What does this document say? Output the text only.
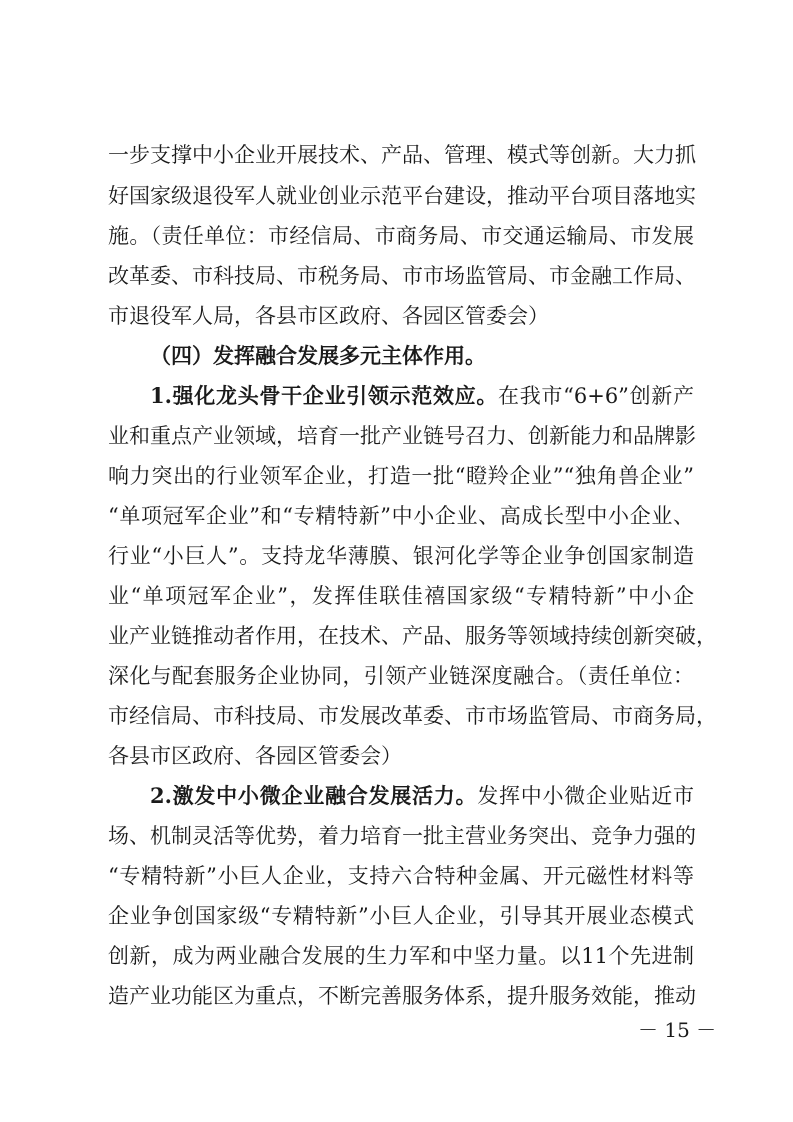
一步支撑中小企业开展技术、产品、管理、模式等创新。大力抓
好国家级退役军人就业创业示范平台建设，推动平台项目落地实
施。（责任单位：市经信局、市商务局、市交通运输局、市发展
改革委、市科技局、市税务局、市市场监管局、市金融工作局、
市退役军人局，各县市区政府、各园区管委会）
（四）发挥融合发展多元主体作用。
1.强化龙头骨干企业引领示范效应。在我市“6+6”创新产
业和重点产业领域，培育一批产业链号召力、创新能力和品牌影
响力突出的行业领军企业，打造一批“瞪羚企业”“独角兽企业”
“单项冠军企业”和“专精特新”中小企业、高成长型中小企业、
行业“小巨人”。支持龙华薄膜、银河化学等企业争创国家制造
业“单项冠军企业”，发挥佳联佳禧国家级“专精特新”中小企
业产业链推动者作用，在技术、产品、服务等领域持续创新突破，
深化与配套服务企业协同，引领产业链深度融合。（责任单位：
市经信局、市科技局、市发展改革委、市市场监管局、市商务局，
各县市区政府、各园区管委会）
2.激发中小微企业融合发展活力。发挥中小微企业贴近市
场、机制灵活等优势，着力培育一批主营业务突出、竞争力强的
“专精特新”小巨人企业，支持六合特种金属、开元磁性材料等
企业争创国家级“专精特新”小巨人企业，引导其开展业态模式
创新，成为两业融合发展的生力军和中坚力量。以11个先进制
造产业功能区为重点，不断完善服务体系，提升服务效能，推动
－ 15 －
